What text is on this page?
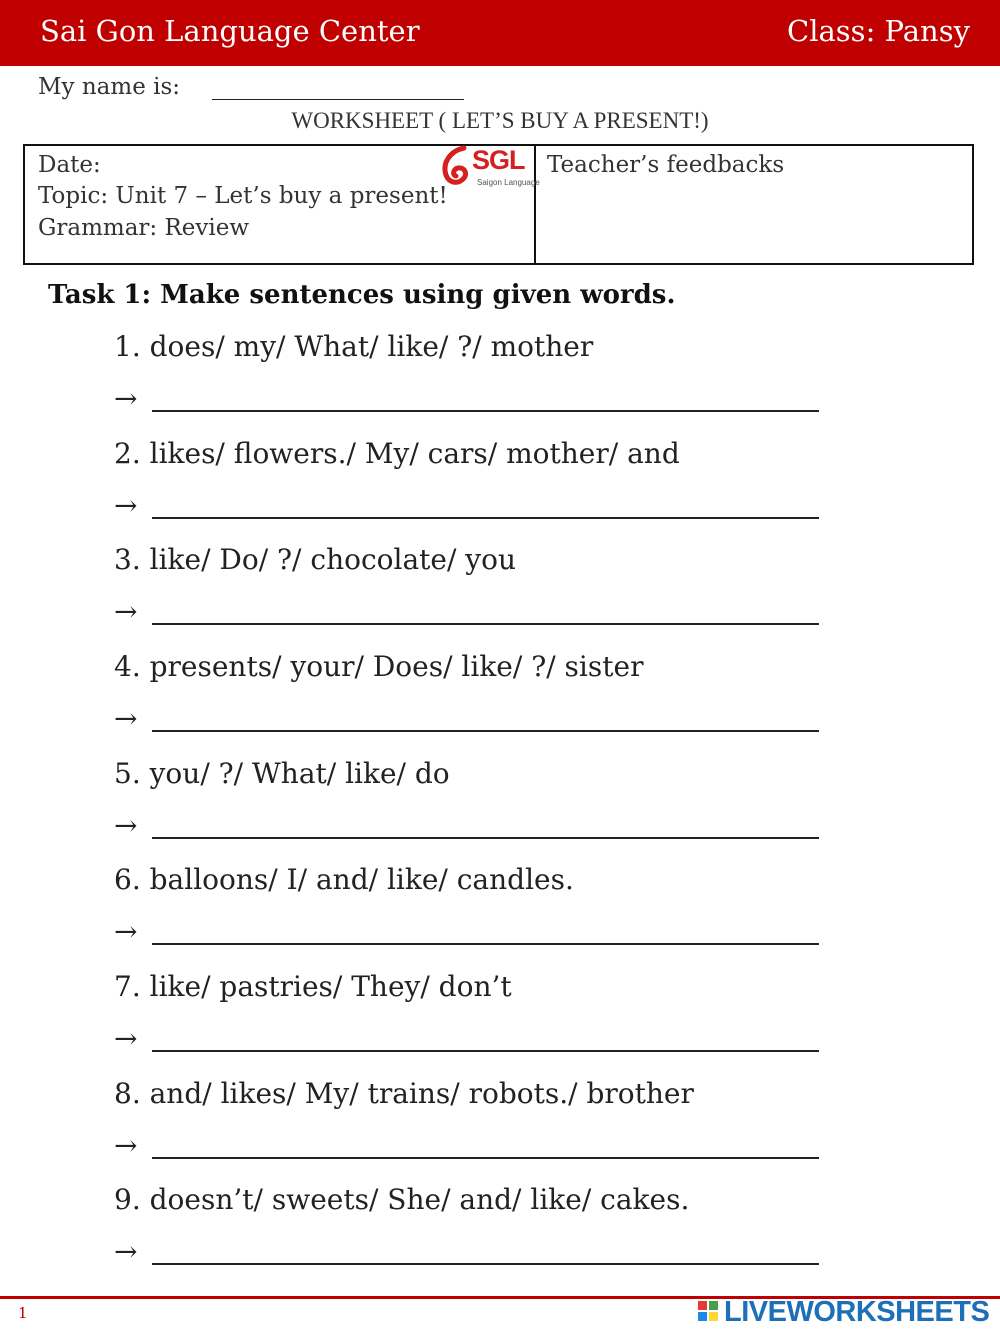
Sai Gon Language Center	Class: Pansy
My name is:
WORKSHEET ( LET’S BUY A PRESENT!)
Date:
Topic: Unit 7 – Let’s buy a present!
Grammar: Review
Teacher’s feedbacks
SGL
Saigon Language
Task 1: Make sentences using given words.
1. does/ my/ What/ like/ ?/ mother
→
2. likes/ flowers./ My/ cars/ mother/ and
→
3. like/ Do/ ?/ chocolate/ you
→
4. presents/ your/ Does/ like/ ?/ sister
→
5. you/ ?/ What/ like/ do
→
6. balloons/ I/ and/ like/ candles.
→
7. like/ pastries/ They/ don’t
→
8. and/ likes/ My/ trains/ robots./ brother
→
9. doesn’t/ sweets/ She/ and/ like/ cakes.
→
1	LIVEWORKSHEETS
